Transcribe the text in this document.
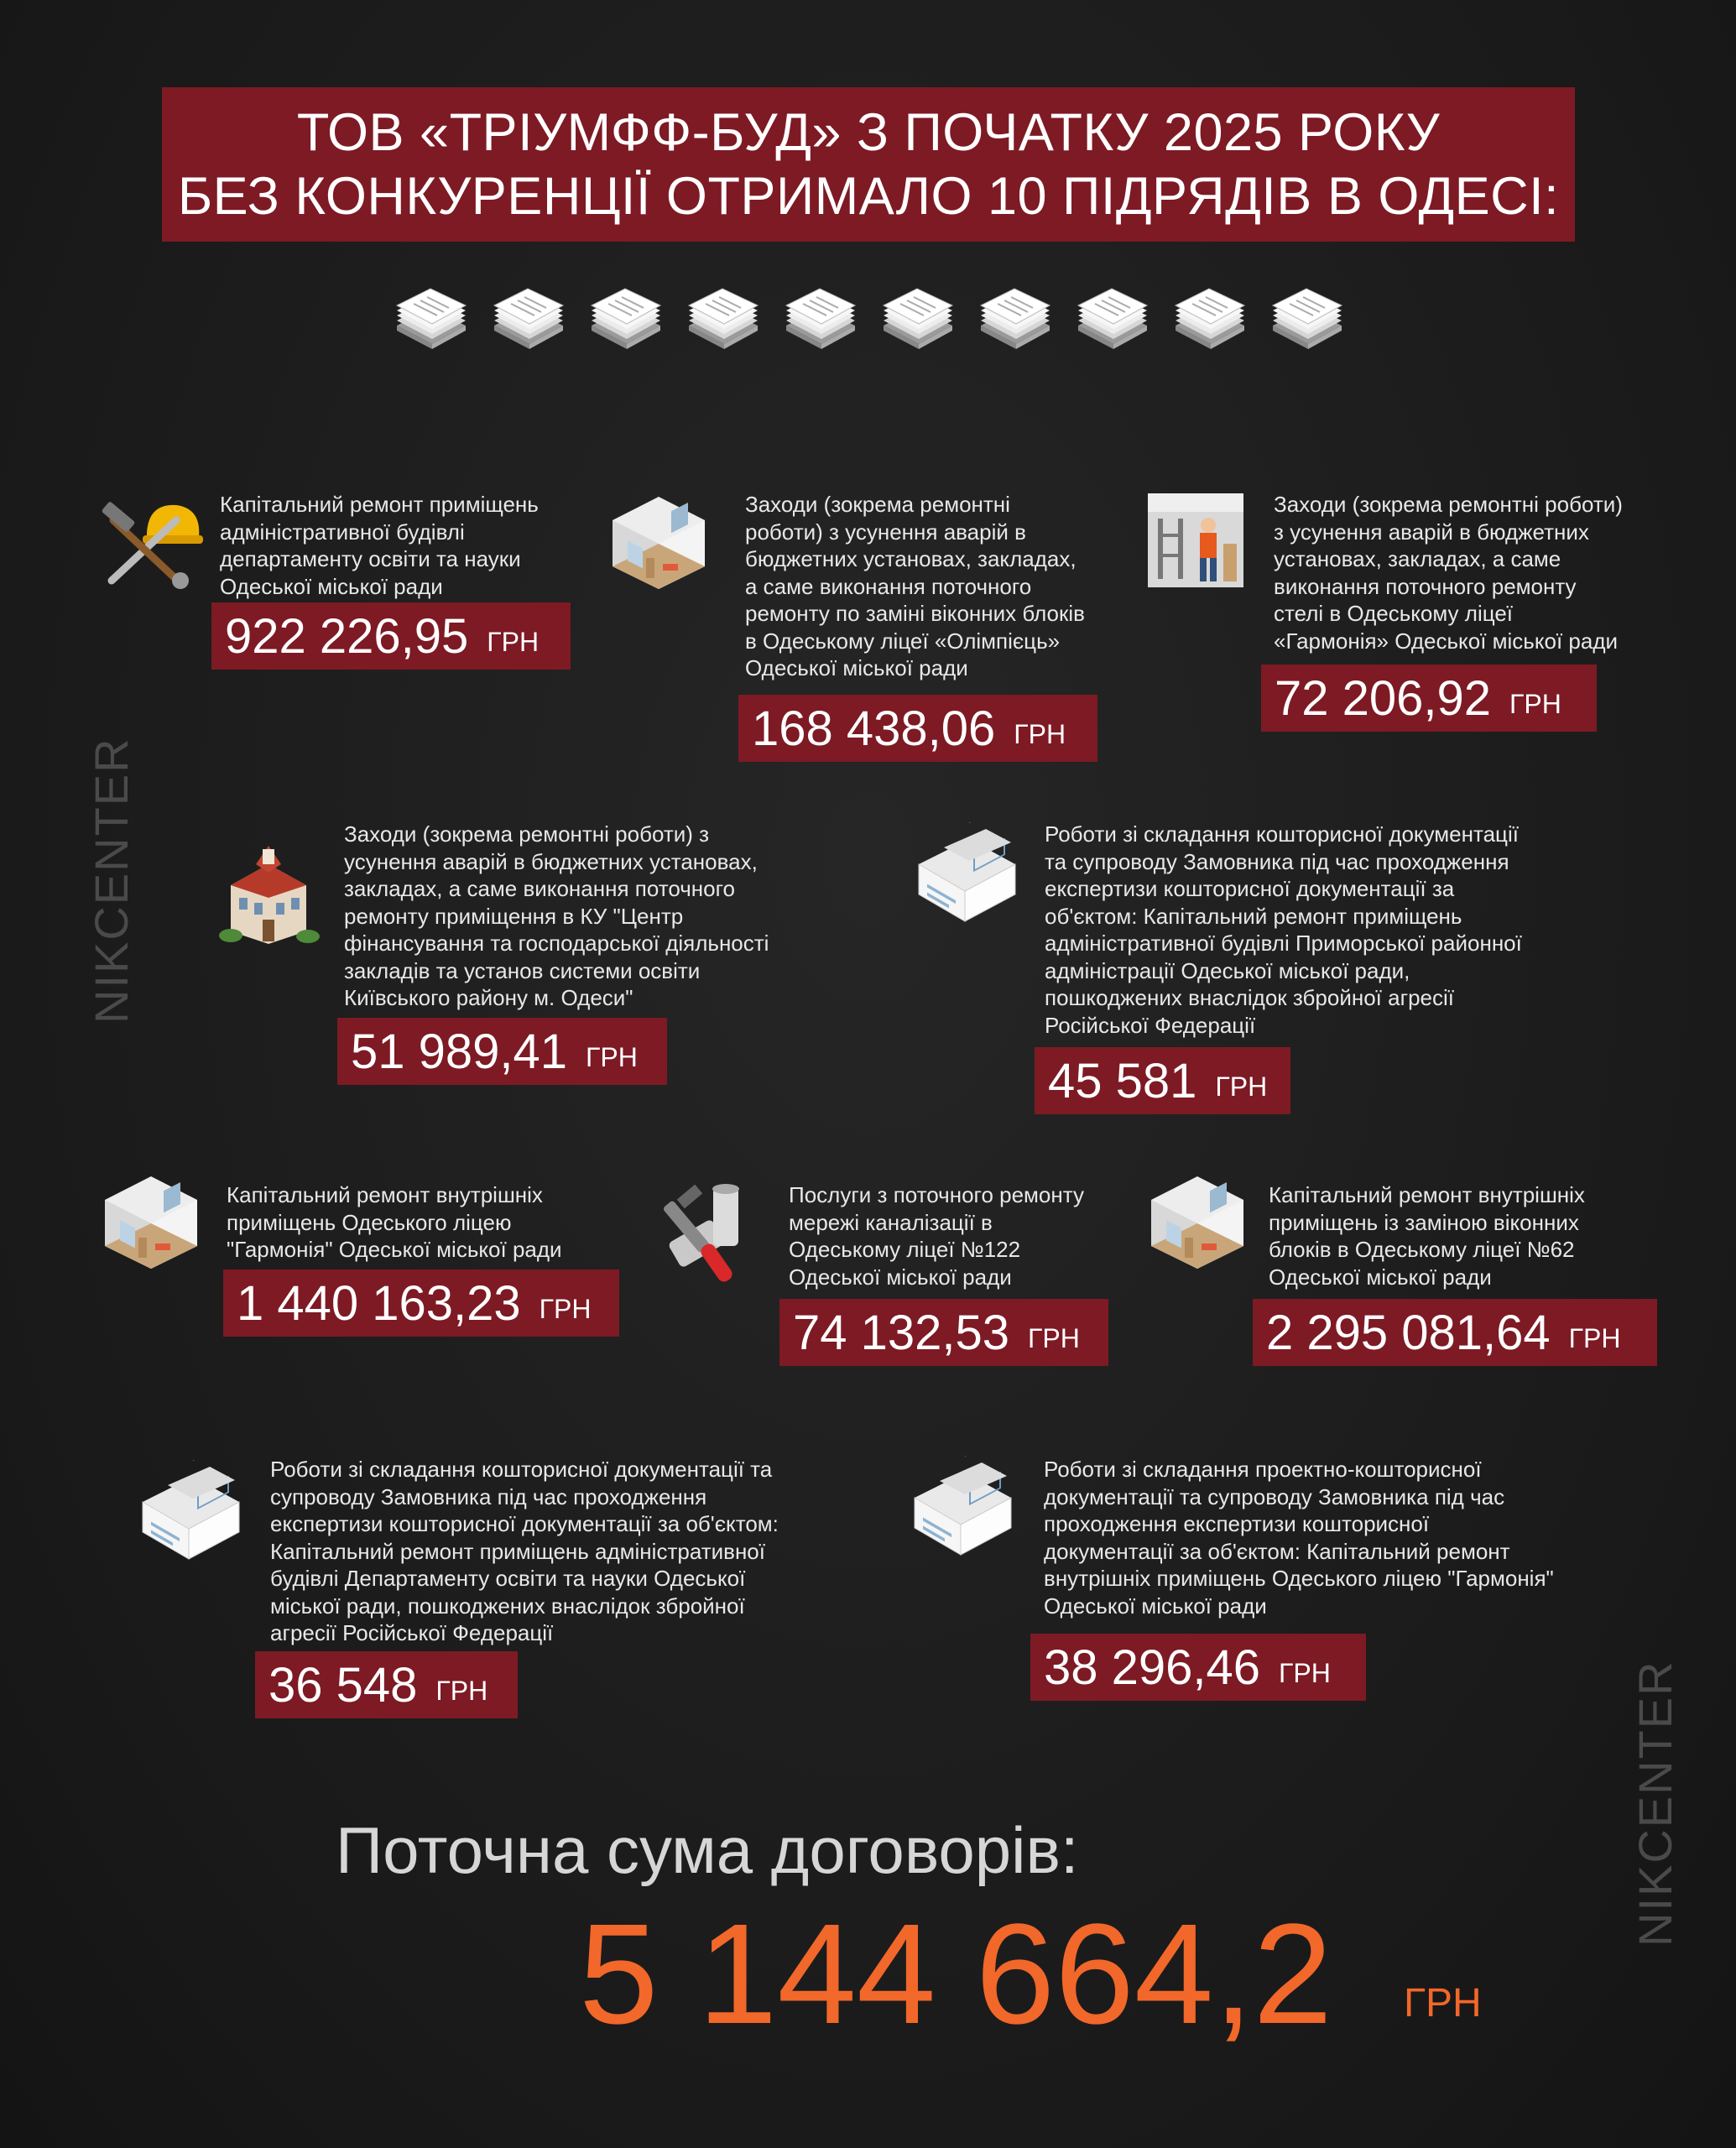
ТОВ «ТРІУМФФ-БУД» З ПОЧАТКУ 2025 РОКУ
БЕЗ КОНКУРЕНЦІЇ ОТРИМАЛО 10 ПІДРЯДІВ В ОДЕСІ:
NIKCENTER
NIKCENTER
Капітальний ремонт приміщень
адміністративної будівлі
департаменту освіти та науки
Одеської міської ради
922 226,95 ГРН
Заходи (зокрема ремонтні
роботи) з усунення аварій в
бюджетних установах, закладах,
а саме виконання поточного
ремонту по заміні віконних блоків
в Одеському ліцеї «Олімпієць»
Одеської міської ради
168 438,06 ГРН
Заходи (зокрема ремонтні роботи)
з усунення аварій в бюджетних
установах, закладах, а саме
виконання поточного ремонту
стелі в Одеському ліцеї
«Гармонія» Одеської міської ради
72 206,92 ГРН
Заходи (зокрема ремонтні роботи) з
усунення аварій в бюджетних установах,
закладах, а саме виконання поточного
ремонту приміщення в КУ "Центр
фінансування та господарської діяльності
закладів та установ системи освіти
Київського району м. Одеси"
51 989,41 ГРН
Роботи зі складання кошторисної документації
та супроводу Замовника під час проходження
експертизи кошторисної документації за
об'єктом: Капітальний ремонт приміщень
адміністративної будівлі Приморської районної
адміністрації Одеської міської ради,
пошкоджених внаслідок збройної агресії
Російської Федерації
45 581 ГРН
Капітальний ремонт внутрішніх
приміщень Одеського ліцею
"Гармонія" Одеської міської ради
1 440 163,23 ГРН
Послуги з поточного ремонту
мережі каналізації в
Одеському ліцеї №122
Одеської міської ради
74 132,53 ГРН
Капітальний ремонт внутрішніх
приміщень із заміною віконних
блоків в Одеському ліцеї №62
Одеської міської ради
2 295 081,64 ГРН
Роботи зі складання кошторисної документації та
супроводу Замовника під час проходження
експертизи кошторисної документації за об'єктом:
Капітальний ремонт приміщень адміністративної
будівлі Департаменту освіти та науки Одеської
міської ради, пошкоджених внаслідок збройної
агресії Російської Федерації
36 548 ГРН
Роботи зі складання проектно-кошторисної
документації та супроводу Замовника під час
проходження експертизи кошторисної
документації за об'єктом: Капітальний ремонт
внутрішніх приміщень Одеського ліцею "Гармонія"
Одеської міської ради
38 296,46 ГРН
Поточна сума договорів:
5 144 664,2 ГРН
